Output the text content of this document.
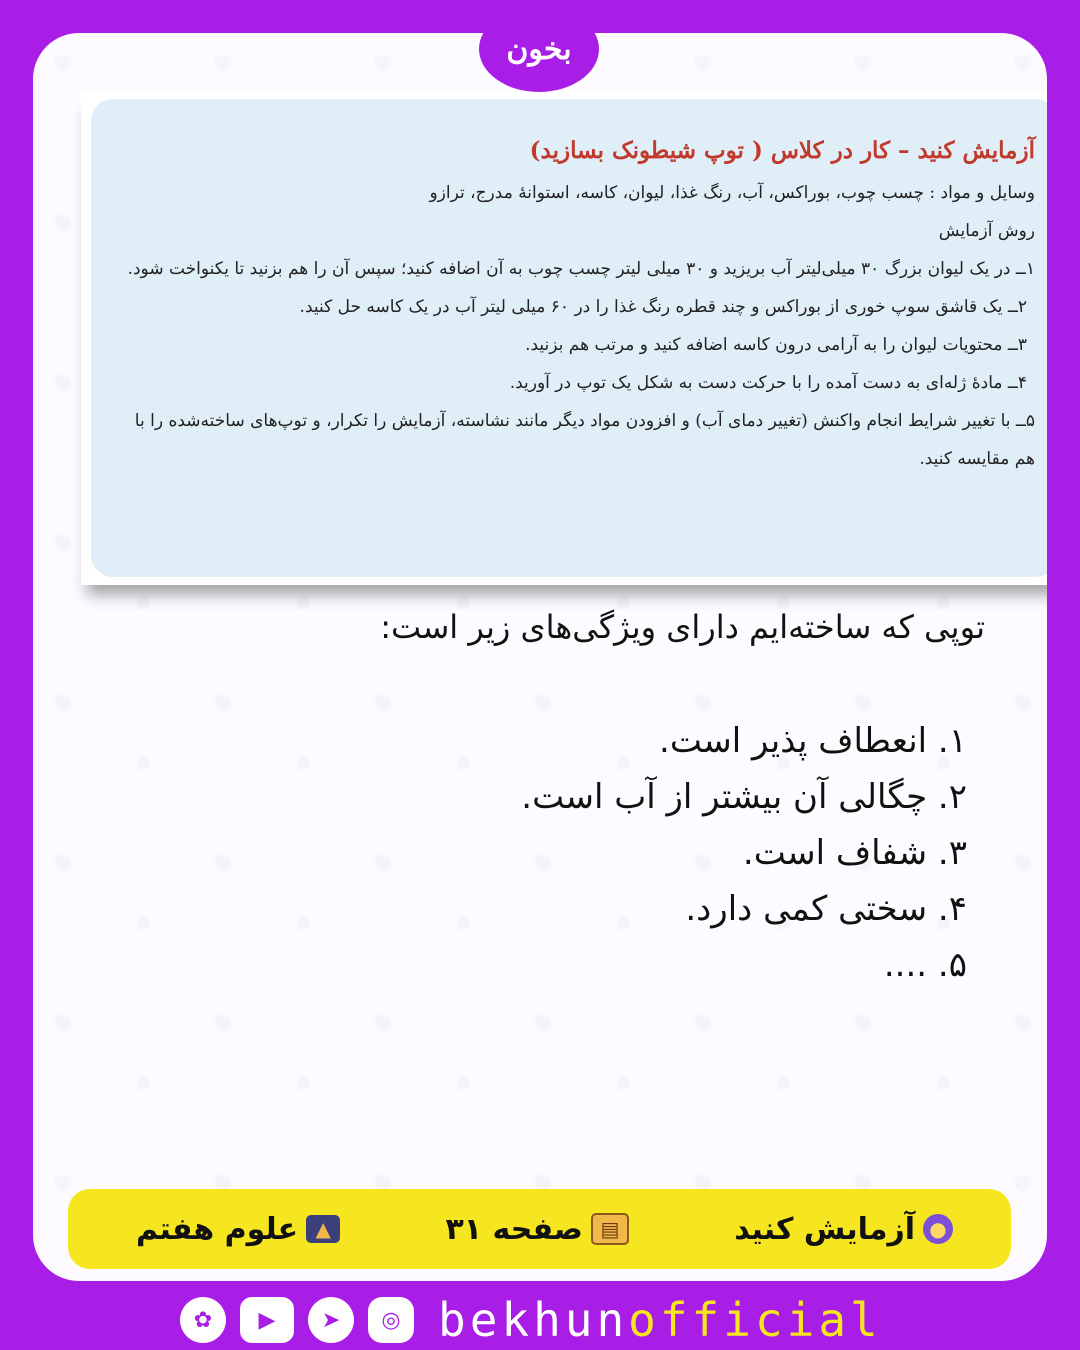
آزمایش کنید – کار در کلاس ( توپ شیطونک بسازید)

وسایل و مواد : چسب چوب، بوراکس، آب، رنگ غذا، لیوان، کاسه، استوانهٔ مدرج، ترازو

روش آزمایش

۱ــ در یک لیوان بزرگ ۳۰ میلی‌لیتر آب بریزید و ۳۰ میلی لیتر چسب چوب به آن اضافه کنید؛ سپس آن را هم بزنید تا یکنواخت شود.

۲ــ یک قاشق سوپ خوری از بوراکس و چند قطره رنگ غذا را در ۶۰ میلی لیتر آب در یک کاسه حل کنید.

۳ــ محتویات لیوان را به آرامی درون کاسه اضافه کنید و مرتب هم بزنید.

۴ــ مادهٔ ژله‌ای به دست آمده را با حرکت دست به شکل یک توپ در آورید.

۵ــ با تغییر شرایط انجام واکنش (تغییر دمای آب) و افزودن مواد دیگر مانند نشاسته، آزمایش را تکرار، و توپ‌های ساخته‌شده را با هم مقایسه کنید.

توپی که ساخته‌ایم دارای ویژگی‌های زیر است:

۱. انعطاف پذیر است.
۲. چگالی آن بیشتر از آب است.
۳. شفاف است.
۴. سختی کمی دارد.
۵. ....
بخون
●
آزمایش کنید
▤
صفحه ۳۱
▲
علوم هفتم
✿	▶	➤	◎ bekhunofficial
